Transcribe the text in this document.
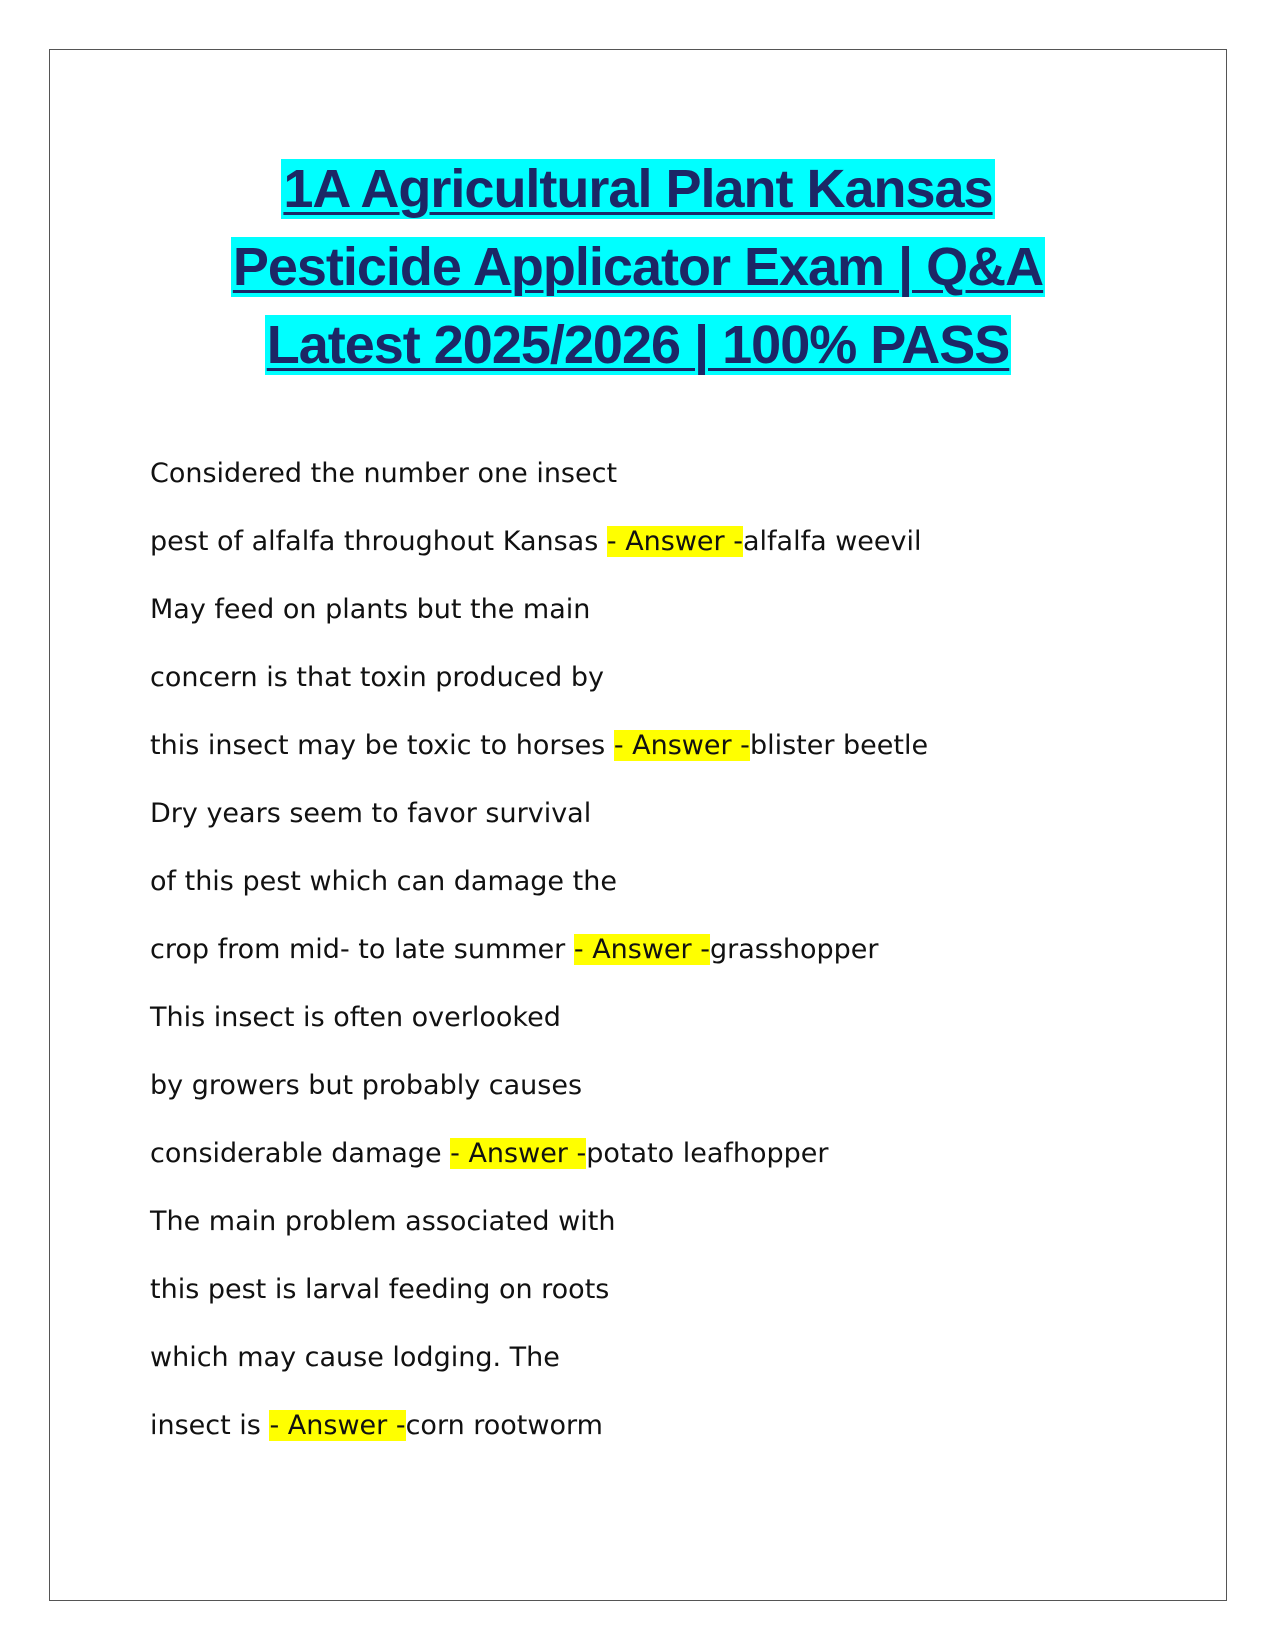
1A Agricultural Plant Kansas
Pesticide Applicator Exam | Q&A
Latest 2025/2026 | 100% PASS
Considered the number one insect
pest of alfalfa throughout Kansas - Answer -alfalfa weevil
May feed on plants but the main
concern is that toxin produced by
this insect may be toxic to horses - Answer -blister beetle
Dry years seem to favor survival
of this pest which can damage the
crop from mid- to late summer - Answer -grasshopper
This insect is often overlooked
by growers but probably causes
considerable damage - Answer -potato leafhopper
The main problem associated with
this pest is larval feeding on roots
which may cause lodging. The
insect is - Answer -corn rootworm
